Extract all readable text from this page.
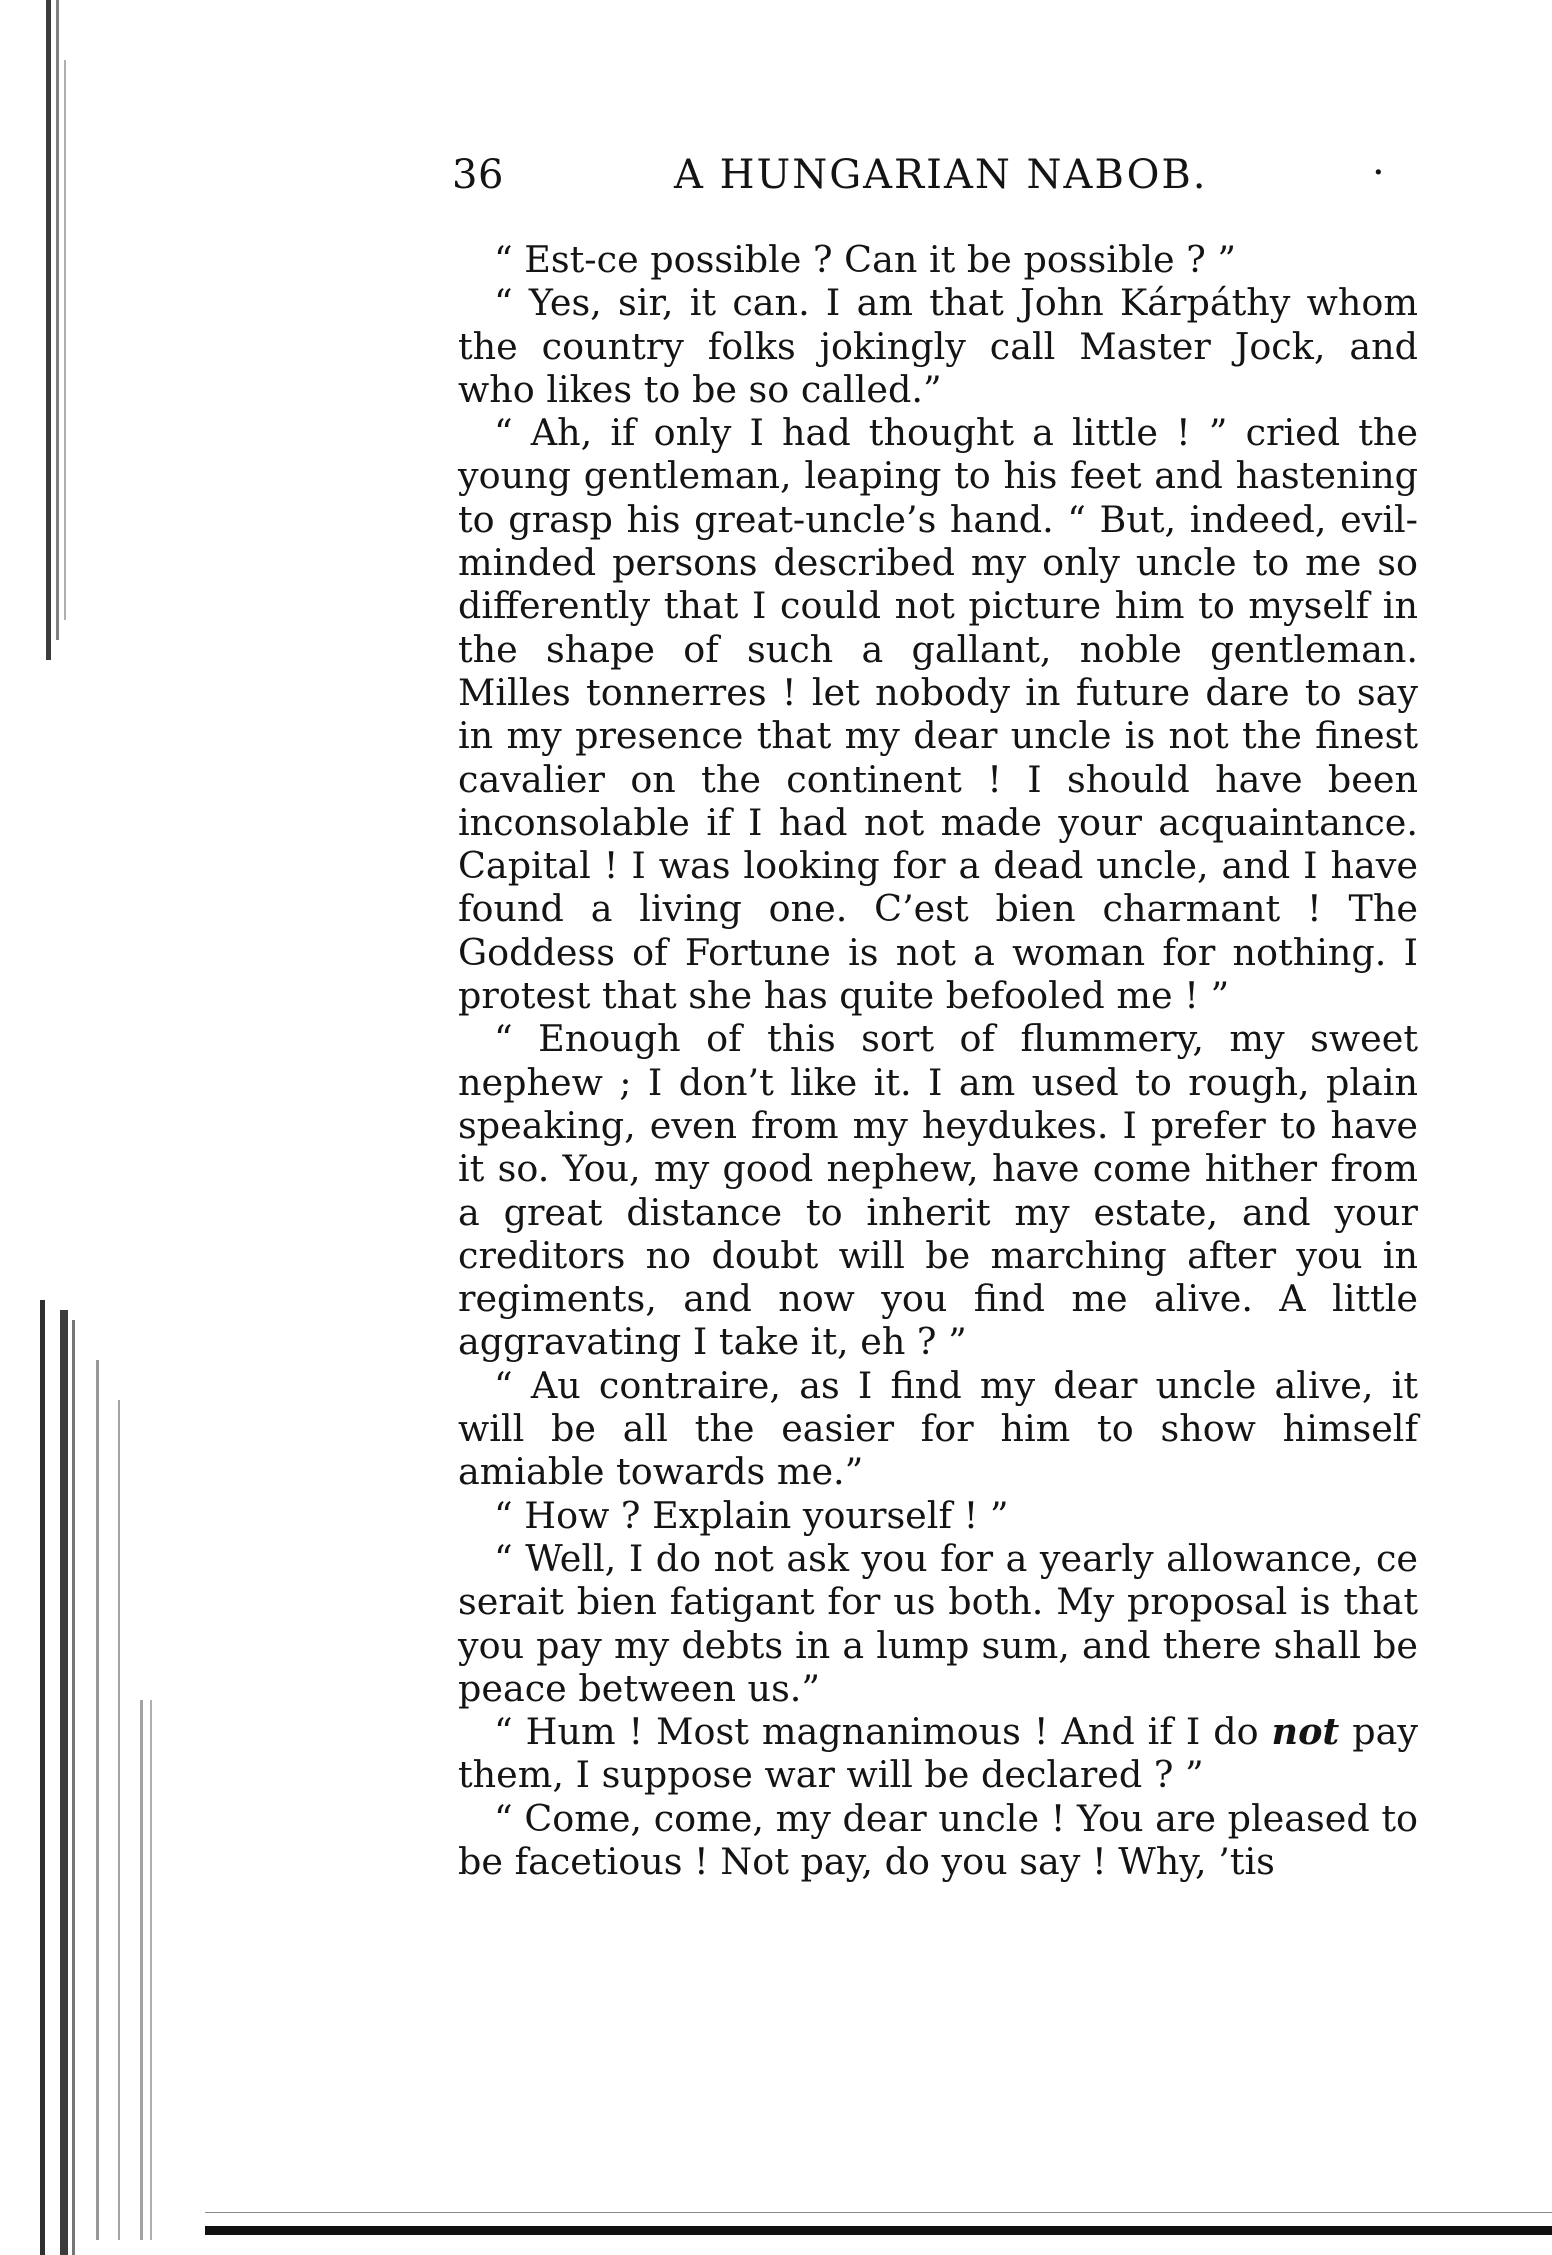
36	A HUNGARIAN NABOB.	·

“ Est-ce possible ? Can it be possible ? ”

“ Yes, sir, it can. I am that John Kárpáthy whom the country folks jokingly call Master Jock, and who likes to be so called.”

“ Ah, if only I had thought a little ! ” cried the young gentleman, leaping to his feet and hastening to grasp his great-uncle’s hand. “ But, indeed, evil-minded persons described my only uncle to me so differently that I could not picture him to myself in the shape of such a gallant, noble gentleman. Milles tonnerres ! let nobody in future dare to say in my presence that my dear uncle is not the finest cavalier on the continent ! I should have been inconsolable if I had not made your acquaintance. Capital ! I was looking for a dead uncle, and I have found a living one. C’est bien charmant ! The Goddess of Fortune is not a woman for nothing. I protest that she has quite befooled me ! ”

“ Enough of this sort of flummery, my sweet nephew ; I don’t like it. I am used to rough, plain speaking, even from my heydukes. I prefer to have it so. You, my good nephew, have come hither from a great distance to inherit my estate, and your creditors no doubt will be marching after you in regiments, and now you find me alive. A little aggravating I take it, eh ? ”

“ Au contraire, as I find my dear uncle alive, it will be all the easier for him to show himself amiable towards me.”

“ How ? Explain yourself ! ”

“ Well, I do not ask you for a yearly allowance, ce serait bien fatigant for us both. My proposal is that you pay my debts in a lump sum, and there shall be peace between us.”

“ Hum ! Most magnanimous ! And if I do not pay them, I suppose war will be declared ? ”

“ Come, come, my dear uncle ! You are pleased to be facetious ! Not pay, do you say ! Why, ’tis
